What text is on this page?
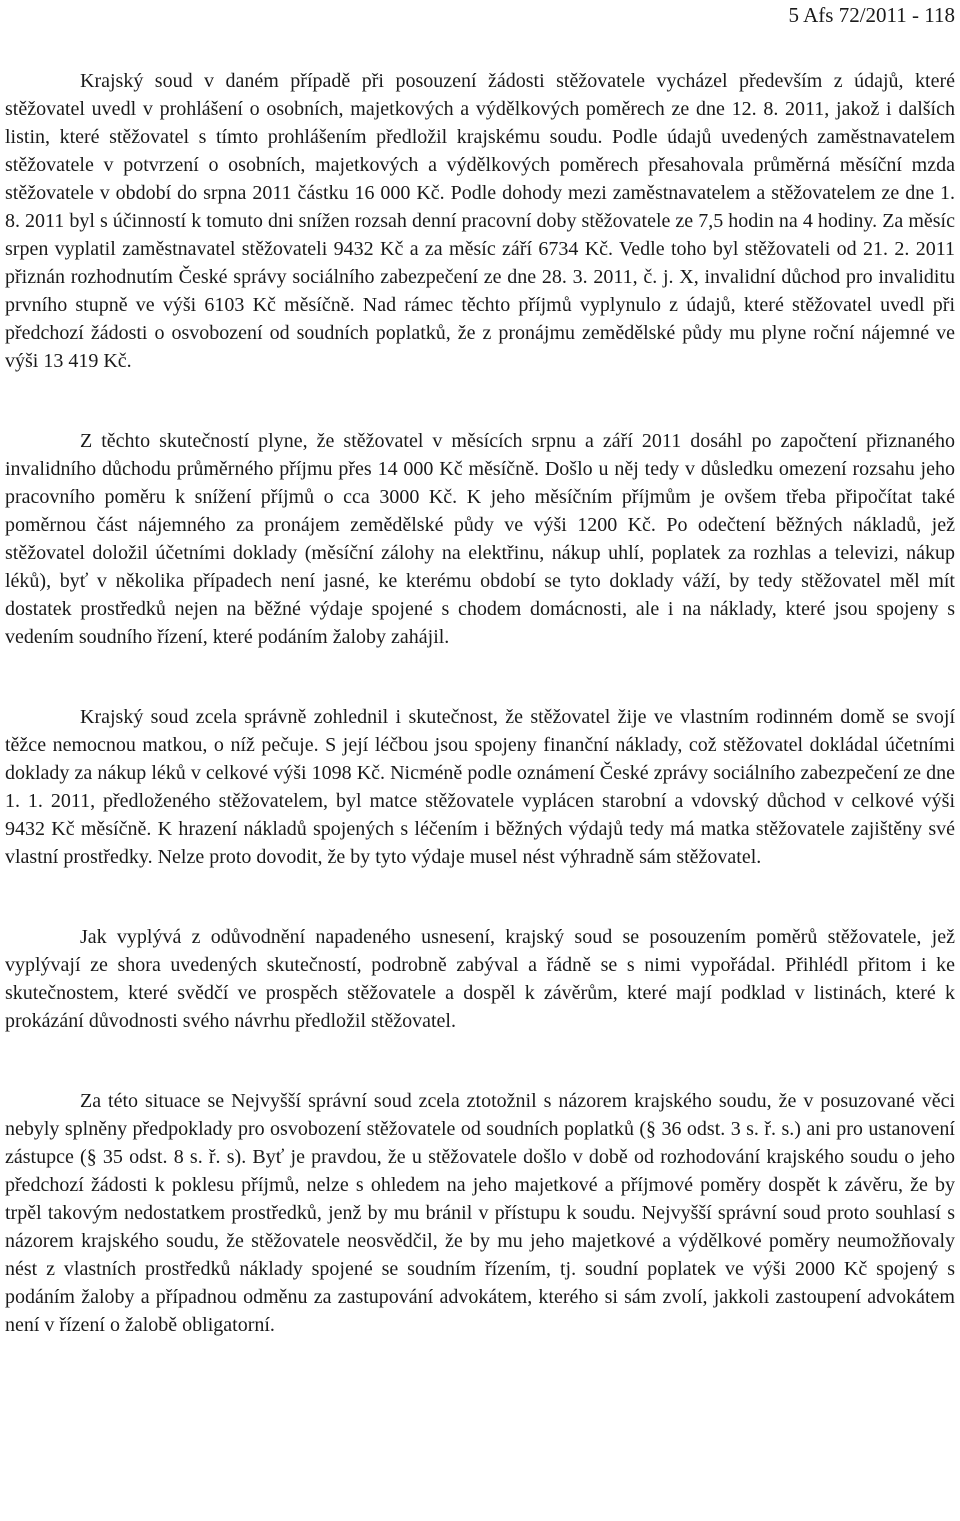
5 Afs 72/2011 - 118

Krajský soud v daném případě při posouzení žádosti stěžovatele vycházel především z údajů, které stěžovatel uvedl v prohlášení o osobních, majetkových a výdělkových poměrech ze dne 12. 8. 2011, jakož i dalších listin, které stěžovatel s tímto prohlášením předložil krajskému soudu. Podle údajů uvedených zaměstnavatelem stěžovatele v potvrzení o osobních, majetkových a výdělkových poměrech přesahovala průměrná měsíční mzda stěžovatele v období do srpna 2011 částku 16 000 Kč. Podle dohody mezi zaměstnavatelem a stěžovatelem ze dne 1. 8. 2011 byl s účinností k tomuto dni snížen rozsah denní pracovní doby stěžovatele ze 7,5 hodin na 4 hodiny. Za měsíc srpen vyplatil zaměstnavatel stěžovateli 9432 Kč a za měsíc září 6734 Kč. Vedle toho byl stěžovateli od 21. 2. 2011 přiznán rozhodnutím České správy sociálního zabezpečení ze dne 28. 3. 2011, č. j. X, invalidní důchod pro invaliditu prvního stupně ve výši 6103 Kč měsíčně. Nad rámec těchto příjmů vyplynulo z údajů, které stěžovatel uvedl při předchozí žádosti o osvobození od soudních poplatků, že z pronájmu zemědělské půdy mu plyne roční nájemné ve výši 13 419 Kč.

Z těchto skutečností plyne, že stěžovatel v měsících srpnu a září 2011 dosáhl po započtení přiznaného invalidního důchodu průměrného příjmu přes 14 000 Kč měsíčně. Došlo u něj tedy v důsledku omezení rozsahu jeho pracovního poměru k snížení příjmů o cca 3000 Kč. K jeho měsíčním příjmům je ovšem třeba připočítat také poměrnou část nájemného za pronájem zemědělské půdy ve výši 1200 Kč. Po odečtení běžných nákladů, jež stěžovatel doložil účetními doklady (měsíční zálohy na elektřinu, nákup uhlí, poplatek za rozhlas a televizi, nákup léků), byť v několika případech není jasné, ke kterému období se tyto doklady váží, by tedy stěžovatel měl mít dostatek prostředků nejen na běžné výdaje spojené s chodem domácnosti, ale i na náklady, které jsou spojeny s vedením soudního řízení, které podáním žaloby zahájil.

Krajský soud zcela správně zohlednil i skutečnost, že stěžovatel žije ve vlastním rodinném domě se svojí těžce nemocnou matkou, o níž pečuje. S její léčbou jsou spojeny finanční náklady, což stěžovatel dokládal účetními doklady za nákup léků v celkové výši 1098 Kč. Nicméně podle oznámení České zprávy sociálního zabezpečení ze dne 1. 1. 2011, předloženého stěžovatelem, byl matce stěžovatele vyplácen starobní a vdovský důchod v celkové výši 9432 Kč měsíčně. K hrazení nákladů spojených s léčením i běžných výdajů tedy má matka stěžovatele zajištěny své vlastní prostředky. Nelze proto dovodit, že by tyto výdaje musel nést výhradně sám stěžovatel.

Jak vyplývá z odůvodnění napadeného usnesení, krajský soud se posouzením poměrů stěžovatele, jež vyplývají ze shora uvedených skutečností, podrobně zabýval a řádně se s nimi vypořádal. Přihlédl přitom i ke skutečnostem, které svědčí ve prospěch stěžovatele a dospěl k závěrům, které mají podklad v listinách, které k prokázání důvodnosti svého návrhu předložil stěžovatel.

Za této situace se Nejvyšší správní soud zcela ztotožnil s názorem krajského soudu, že v posuzované věci nebyly splněny předpoklady pro osvobození stěžovatele od soudních poplatků (§ 36 odst. 3 s. ř. s.) ani pro ustanovení zástupce (§ 35 odst. 8 s. ř. s). Byť je pravdou, že u stěžovatele došlo v době od rozhodování krajského soudu o jeho předchozí žádosti k poklesu příjmů, nelze s ohledem na jeho majetkové a příjmové poměry dospět k závěru, že by trpěl takovým nedostatkem prostředků, jenž by mu bránil v přístupu k soudu. Nejvyšší správní soud proto souhlasí s názorem krajského soudu, že stěžovatele neosvědčil, že by mu jeho majetkové a výdělkové poměry neumožňovaly nést z vlastních prostředků náklady spojené se soudním řízením, tj. soudní poplatek ve výši 2000 Kč spojený s podáním žaloby a případnou odměnu za zastupování advokátem, kterého si sám zvolí, jakkoli zastoupení advokátem není v řízení o žalobě obligatorní.
